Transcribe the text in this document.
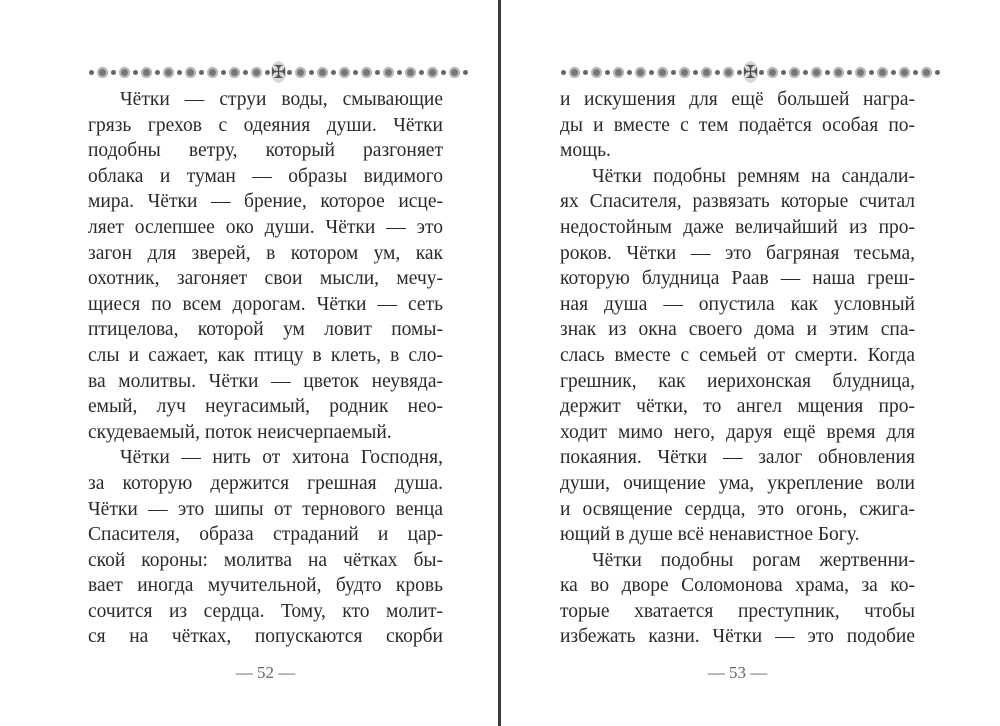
✠
Чётки — струи воды, смывающие
грязь грехов с одеяния души. Чётки
подобны ветру, который разгоняет
облака и туман — образы видимого
мира. Чётки — брение, которое исце-
ляет ослепшее око души. Чётки — это
загон для зверей, в котором ум, как
охотник, загоняет свои мысли, мечу-
щиеся по всем дорогам. Чётки — сеть
птицелова, которой ум ловит помы-
слы и сажает, как птицу в клеть, в сло-
ва молитвы. Чётки — цветок неувяда-
емый, луч неугасимый, родник нео-
скудеваемый, поток неисчерпаемый.
Чётки — нить от хитона Господня,
за которую держится грешная душа.
Чётки — это шипы от тернового венца
Спасителя, образа страданий и цар-
ской короны: молитва на чётках бы-
вает иногда мучительной, будто кровь
сочится из сердца. Тому, кто молит-
ся на чётках, попускаются скорби
— 52 —
✠
и искушения для ещё большей награ-
ды и вместе с тем подаётся особая по-
мощь.
Чётки подобны ремням на сандали-
ях Спасителя, развязать которые считал
недостойным даже величайший из про-
роков. Чётки — это багряная тесьма,
которую блудница Раав — наша греш-
ная душа — опустила как условный
знак из окна своего дома и этим спа-
слась вместе с семьей от смерти. Когда
грешник, как иерихонская блудница,
держит чётки, то ангел мщения про-
ходит мимо него, даруя ещё время для
покаяния. Чётки — залог обновления
души, очищение ума, укрепление воли
и освящение сердца, это огонь, сжига-
ющий в душе всё ненавистное Богу.
Чётки подобны рогам жертвенни-
ка во дворе Соломонова храма, за ко-
торые хватается преступник, чтобы
избежать казни. Чётки — это подобие
— 53 —
